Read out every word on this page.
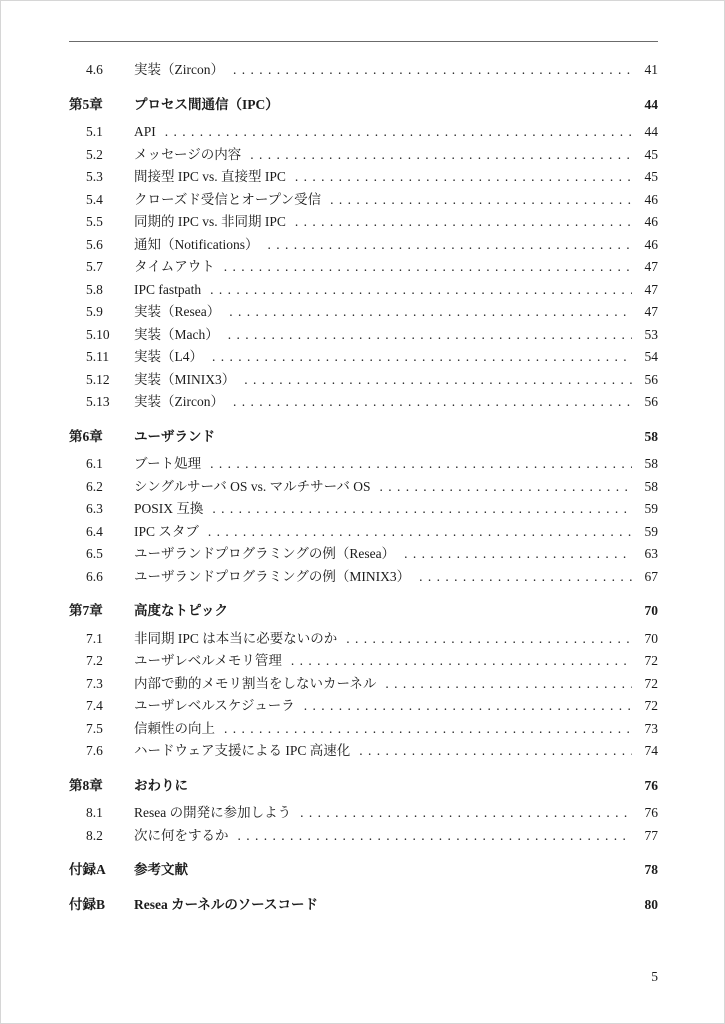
4.6	実装（Zircon） . . .	41
第5章	プロセス間通信（IPC）	44
5.1	API . . .	44
5.2	メッセージの内容 . . .	45
5.3	間接型 IPC vs. 直接型 IPC . . .	45
5.4	クローズド受信とオープン受信 . . .	46
5.5	同期的 IPC vs. 非同期 IPC . . .	46
5.6	通知（Notifications） . . .	46
5.7	タイムアウト . . .	47
5.8	IPC fastpath . . .	47
5.9	実装（Resea） . . .	47
5.10	実装（Mach） . . .	53
5.11	実装（L4） . . .	54
5.12	実装（MINIX3） . . .	56
5.13	実装（Zircon） . . .	56
第6章	ユーザランド	58
6.1	ブート処理 . . .	58
6.2	シングルサーバ OS vs. マルチサーバ OS . . .	58
6.3	POSIX 互換 . . .	59
6.4	IPC スタブ . . .	59
6.5	ユーザランドプログラミングの例（Resea） . . .	63
6.6	ユーザランドプログラミングの例（MINIX3） . . .	67
第7章	高度なトピック	70
7.1	非同期 IPC は本当に必要ないのか . . .	70
7.2	ユーザレベルメモリ管理 . . .	72
7.3	内部で動的メモリ割当をしないカーネル . . .	72
7.4	ユーザレベルスケジューラ . . .	72
7.5	信頼性の向上 . . .	73
7.6	ハードウェア支援による IPC 高速化 . . .	74
第8章	おわりに	76
8.1	Resea の開発に参加しよう . . .	76
8.2	次に何をするか . . .	77
付録A	参考文献	78
付録B	Resea カーネルのソースコード	80
5
